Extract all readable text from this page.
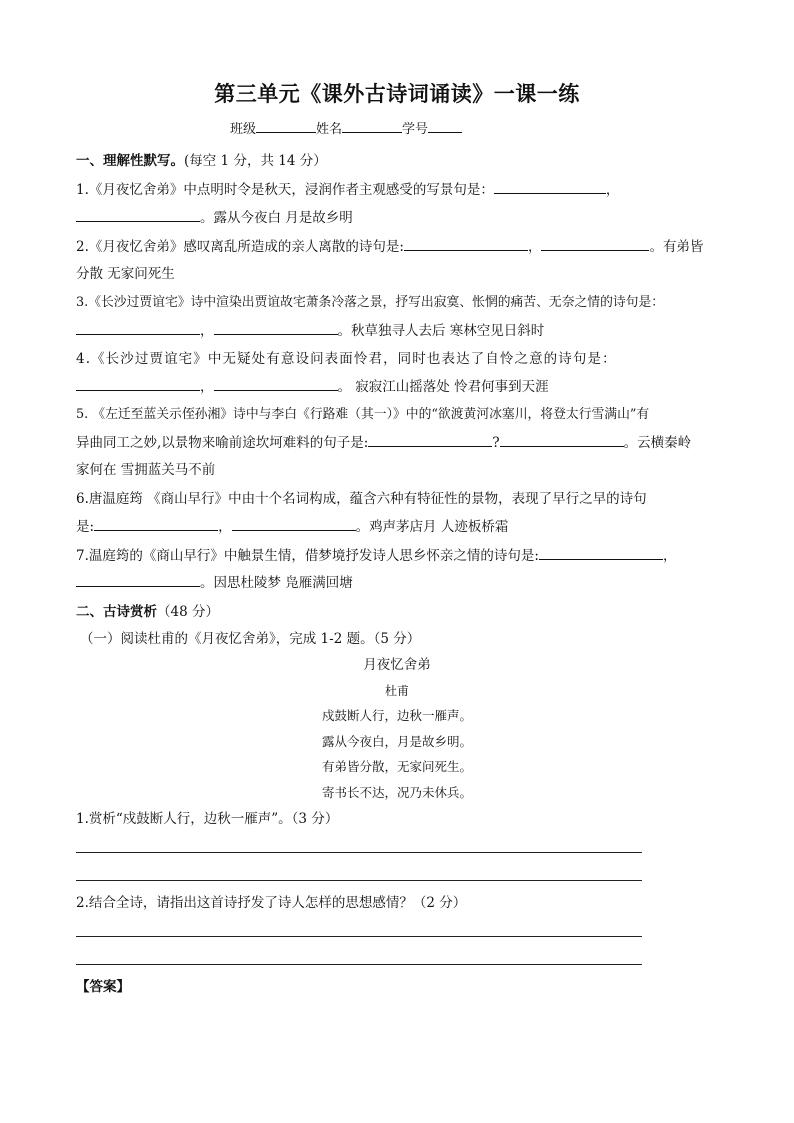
第三单元《课外古诗词诵读》一课一练
班级	姓名	学号
一、理解性默写。(每空 1 分，共 14 分）
1.《月夜忆舍弟》中点明时令是秋天，浸润作者主观感受的写景句是：	，
。露从今夜白 月是故乡明
2.《月夜忆舍弟》感叹离乱所造成的亲人离散的诗句是:	，	。有弟皆
分散 无家问死生
3.《长沙过贾谊宅》诗中渲染出贾谊故宅萧条冷落之景，抒写出寂寞、怅惘的痛苦、无奈之情的诗句是：
，	。秋草独寻人去后 寒林空见日斜时
4.《长沙过贾谊宅》中无疑处有意设问表面怜君，同时也表达了自怜之意的诗句是：
，	。 寂寂江山摇落处 怜君何事到天涯
5. 《左迁至蓝关示侄孙湘》诗中与李白《行路难（其一）》中的“欲渡黄河冰塞川，将登太行雪满山”有
异曲同工之妙,以景物来喻前途坎坷难料的句子是:	?	。云横秦岭
家何在 雪拥蓝关马不前
6.唐温庭筠 《商山早行》中由十个名词构成，蕴含六种有特征性的景物，表现了早行之早的诗句
是:	，	。鸡声茅店月 人迹板桥霜
7.温庭筠的《商山早行》中触景生情，借梦境抒发诗人思乡怀亲之情的诗句是:	，
。因思杜陵梦 凫雁满回塘
二、古诗赏析（48 分）
（一）阅读杜甫的《月夜忆舍弟》，完成 1-2 题。（5 分）
月夜忆舍弟
杜甫
戍鼓断人行，边秋一雁声。
露从今夜白，月是故乡明。
有弟皆分散，无家问死生。
寄书长不达，况乃未休兵。
1.赏析“戍鼓断人行，边秋一雁声”。（3 分）
2.结合全诗，请指出这首诗抒发了诗人怎样的思想感情？（2 分）
【答案】
